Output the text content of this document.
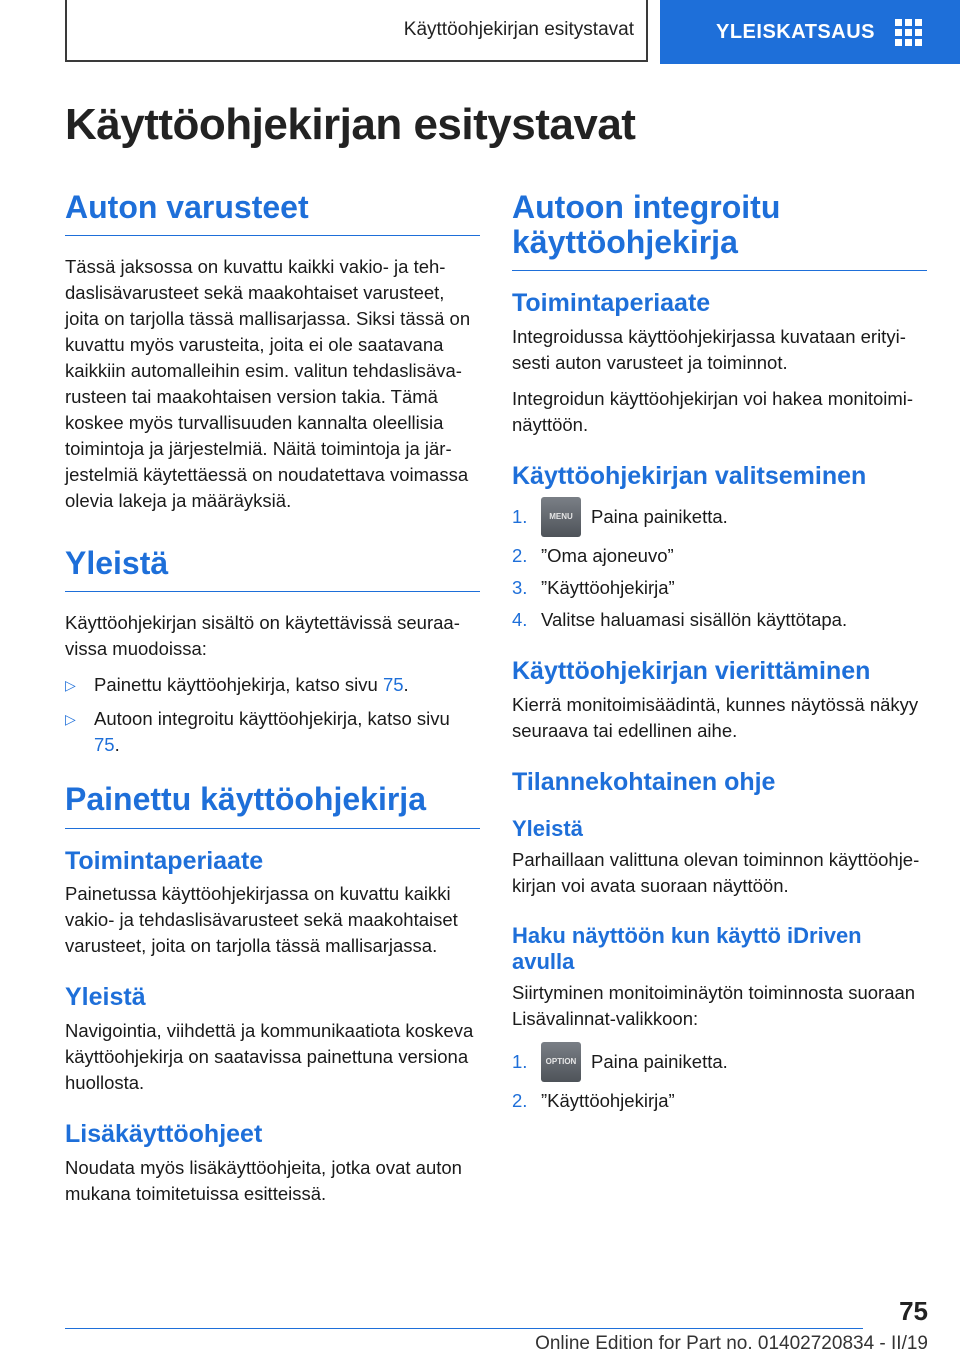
Käyttöohjekirjan esitystavat	YLEISKATSAUS
Käyttöohjekirjan esitystavat
Auton varusteet

Tässä jaksossa on kuvattu kaikki vakio- ja tehdaslisävarusteet sekä maakohtaiset varusteet, joita on tarjolla tässä mallisarjassa. Siksi tässä on kuvattu myös varusteita, joita ei ole saatavana kaikkiin automalleihin esim. valitun tehdaslisävarusteen tai maakohtaisen version takia. Tämä koskee myös turvallisuuden kannalta oleellisia toimintoja ja järjestelmiä. Näitä toimintoja ja järjestelmiä käytettäessä on noudatettava voimassa olevia lakeja ja määräyksiä.

Yleistä

Käyttöohjekirjan sisältö on käytettävissä seuraavissa muodoissa:

▷ Painettu käyttöohjekirja, katso sivu 75.
▷ Autoon integroitu käyttöohjekirja, katso sivu 75.
Painettu käyttöohjekirja
Toimintaperiaate

Painetussa käyttöohjekirjassa on kuvattu kaikki vakio- ja tehdaslisävarusteet sekä maakohtaiset varusteet, joita on tarjolla tässä mallisarjassa.

Yleistä

Navigointia, viihdettä ja kommunikaatiota koskeva käyttöohjekirja on saatavissa painettuna versiona huollosta.

Lisäkäyttöohjeet

Noudata myös lisäkäyttöohjeita, jotka ovat auton mukana toimitetuissa esitteissä.

Autoon integroitu käyttöohjekirja
Toimintaperiaate

Integroidussa käyttöohjekirjassa kuvataan erityisesti auton varusteet ja toiminnot.

Integroidun käyttöohjekirjan voi hakea monitoiminäyttöön.

Käyttöohjekirjan valitseminen
1.	MENU Paina painiketta.
2. ”Oma ajoneuvo”
3. ”Käyttöohjekirja”
4. Valitse haluamasi sisällön käyttötapa.
Käyttöohjekirjan vierittäminen

Kierrä monitoimisäädintä, kunnes näytössä näkyy seuraava tai edellinen aihe.

Tilannekohtainen ohje
Yleistä

Parhaillaan valittuna olevan toiminnon käyttöohjekirjan voi avata suoraan näyttöön.

Haku näyttöön kun käyttö iDriven avulla

Siirtyminen monitoiminäytön toiminnosta suoraan Lisävalinnat-valikkoon:

1.	OPTION Paina painiketta.
2. ”Käyttöohjekirja”
75
Online Edition for Part no. 01402720834 - II/19
